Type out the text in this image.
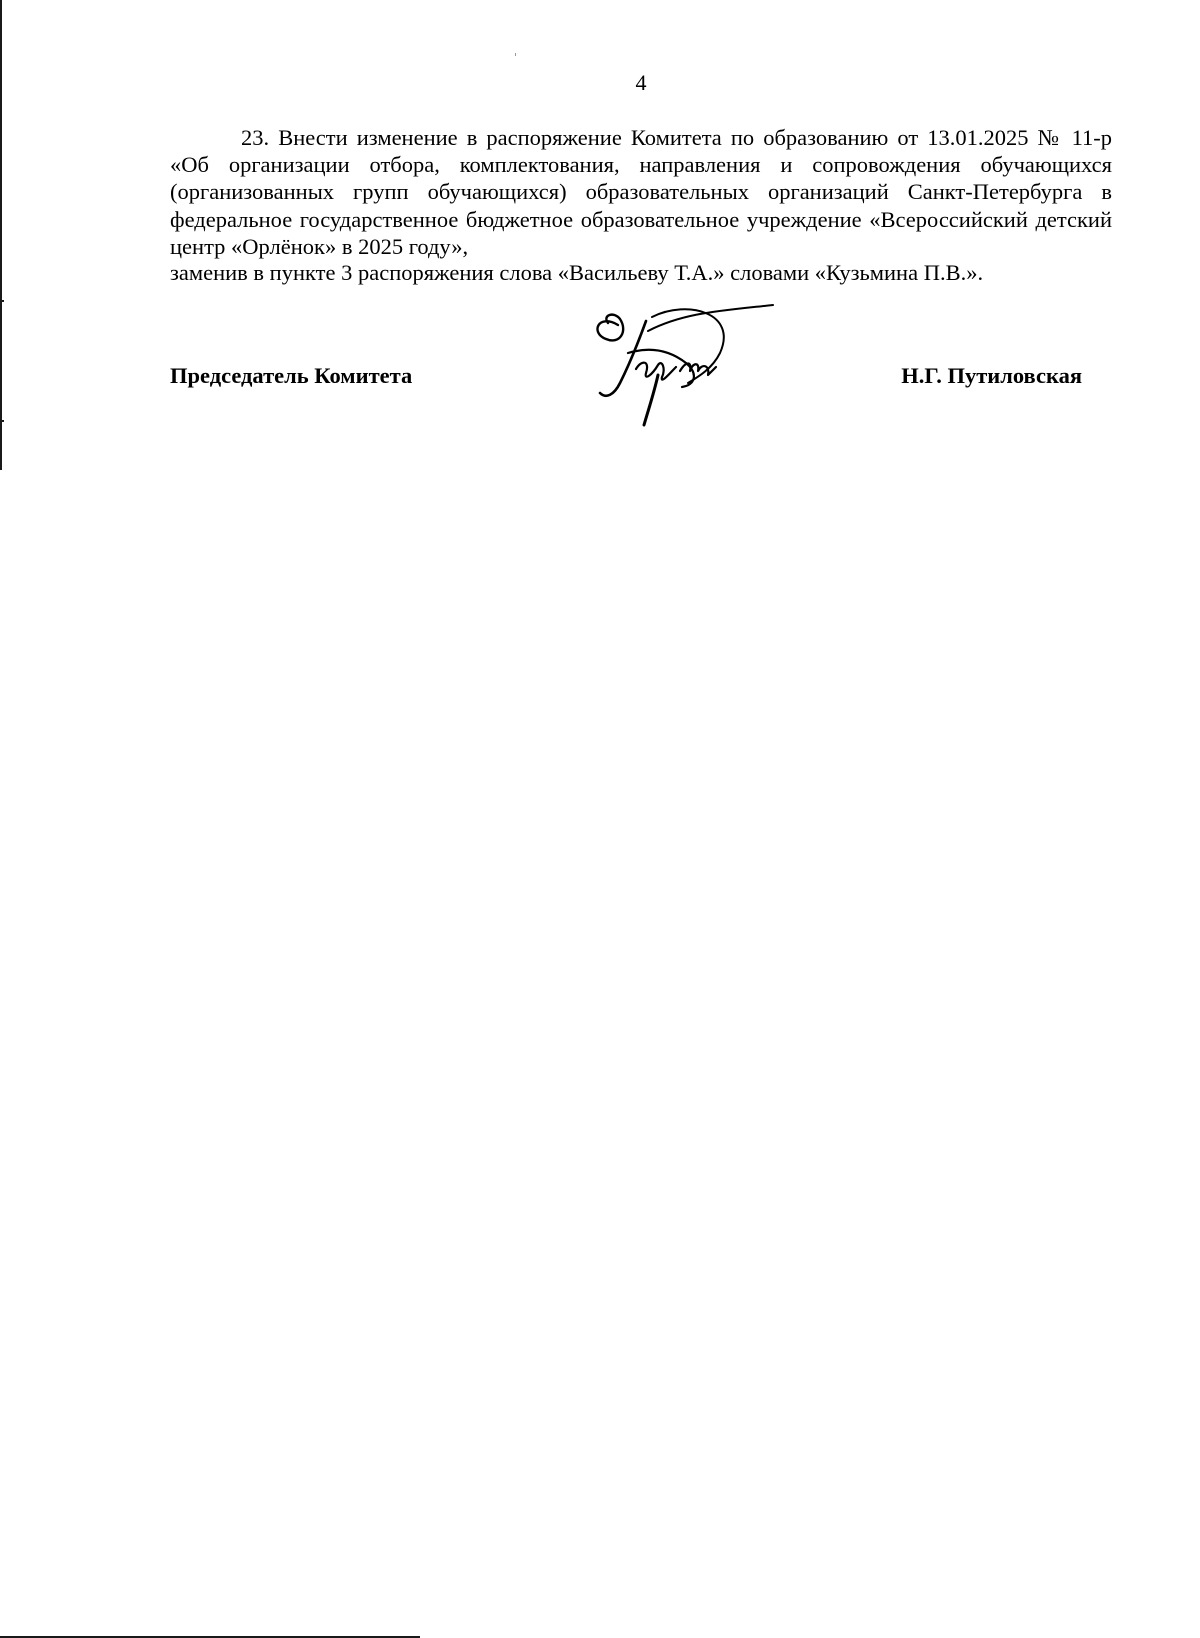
4

23. Внести изменение в распоряжение Комитета по образованию от 13.01.2025 № 11-р «Об организации отбора, комплектования, направления и сопровождения обучающихся (организованных групп обучающихся) образовательных организаций Санкт-Петербурга в федеральное государственное бюджетное образовательное учреждение «Всероссийский детский центр «Орлёнок» в 2025 году»,

заменив в пункте 3 распоряжения слова «Васильеву Т.А.» словами «Кузьмина П.В.».

Председатель Комитета	Н.Г. Путиловская
